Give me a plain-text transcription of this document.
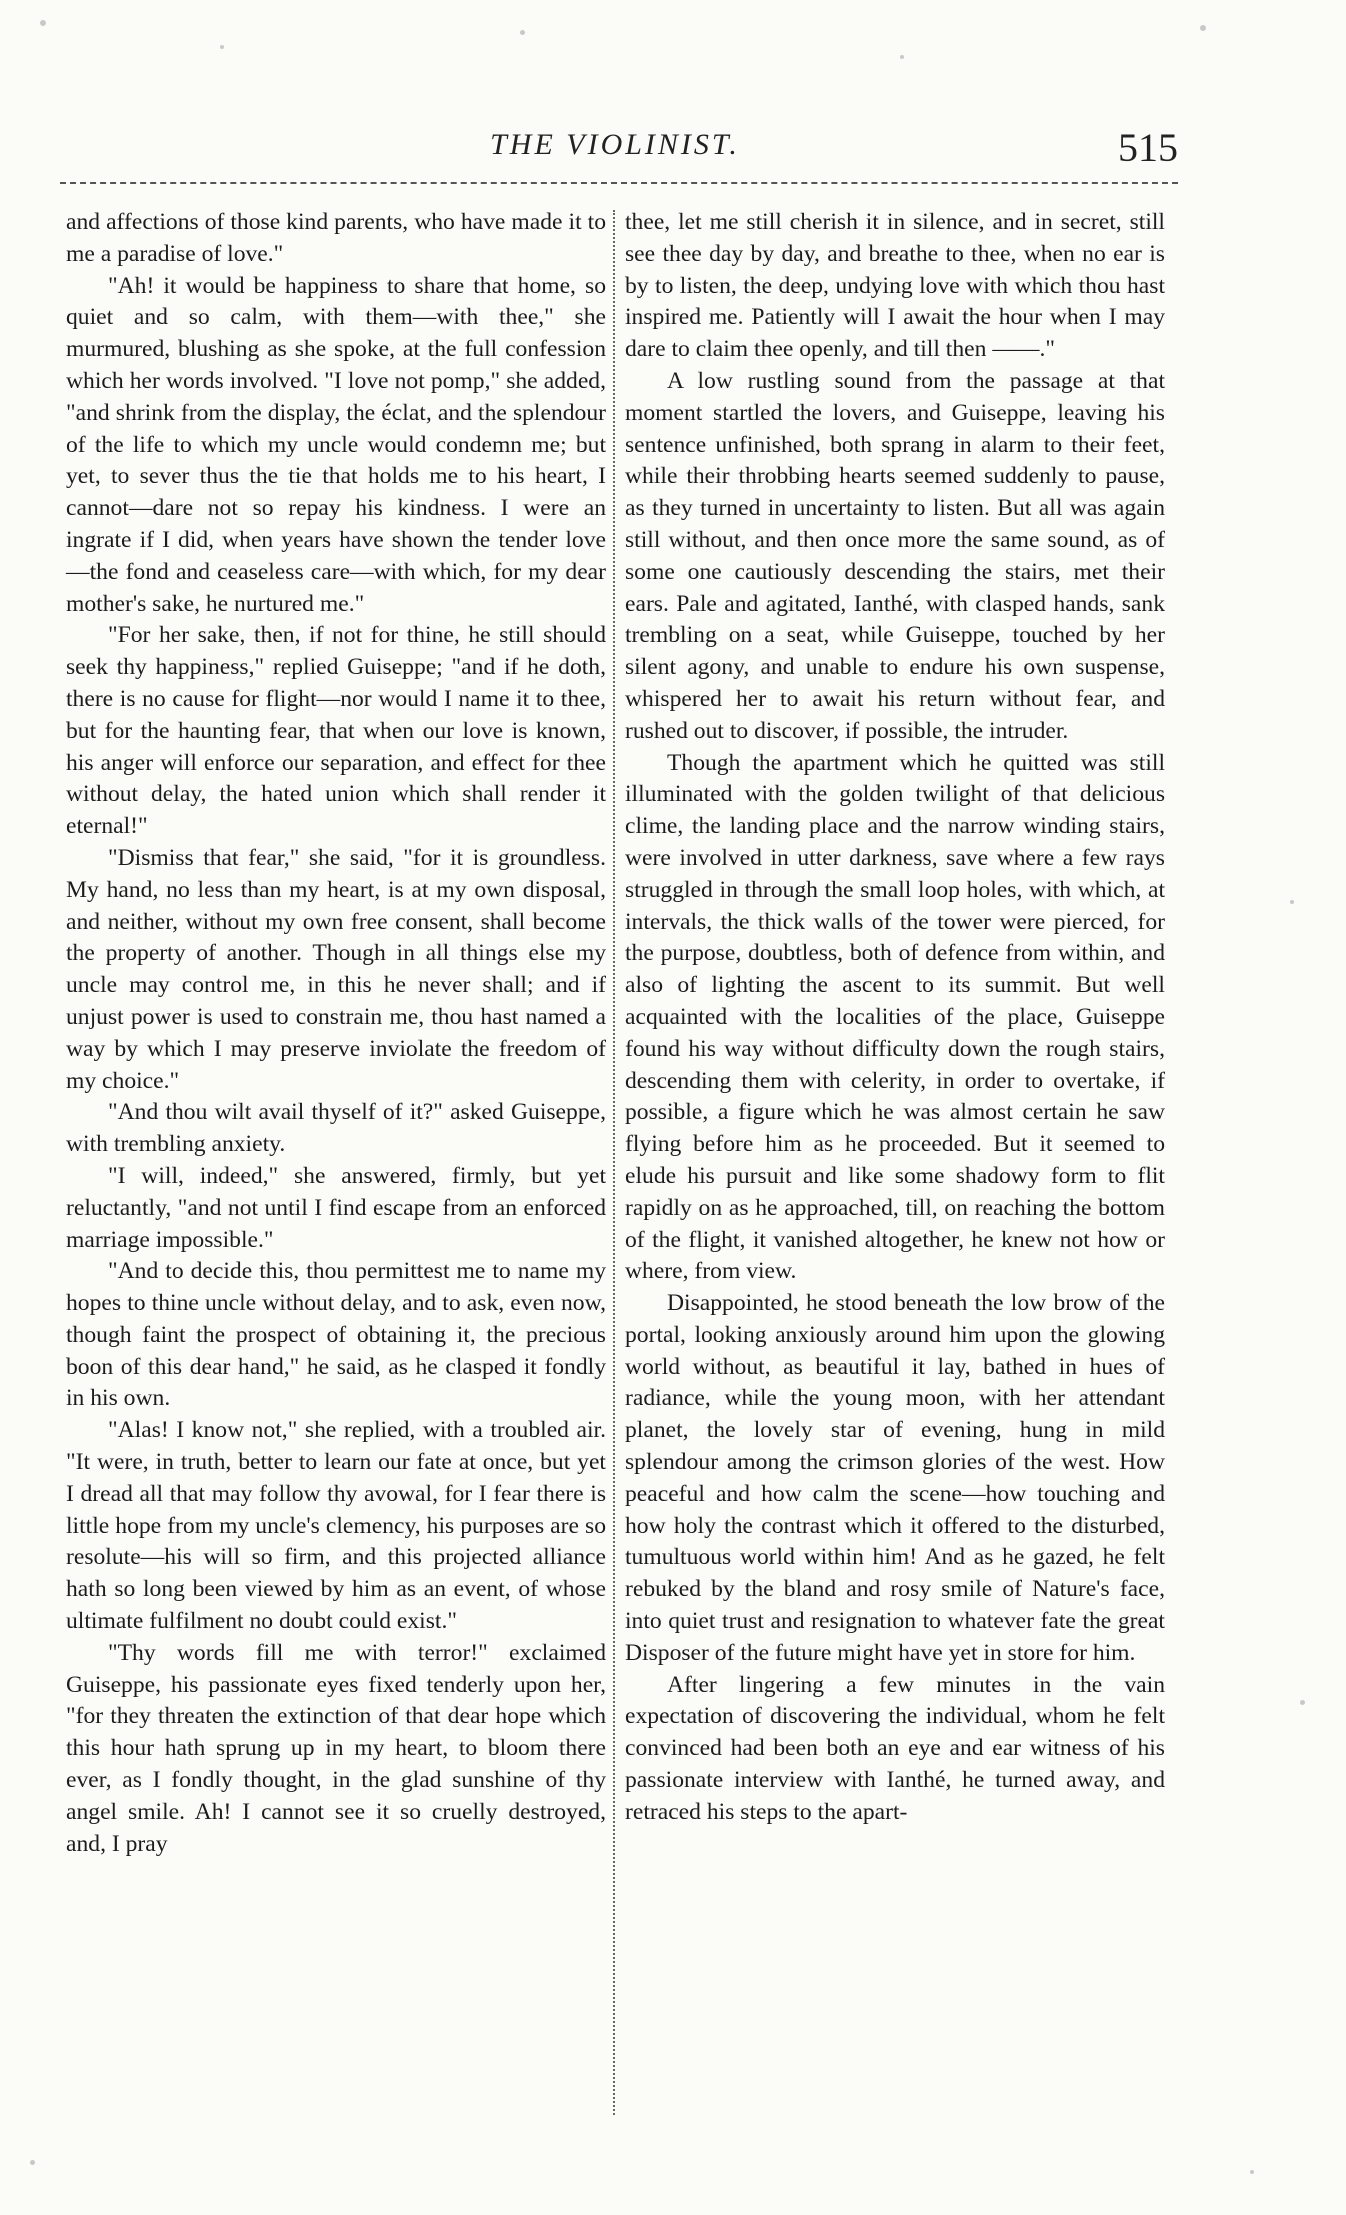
THE VIOLINIST.	515

and affections of those kind parents, who have made it to me a paradise of love."

"Ah! it would be happiness to share that home, so quiet and so calm, with them—with thee," she murmured, blushing as she spoke, at the full confession which her words involved. "I love not pomp," she added, "and shrink from the display, the éclat, and the splendour of the life to which my uncle would condemn me; but yet, to sever thus the tie that holds me to his heart, I cannot—dare not so repay his kindness. I were an ingrate if I did, when years have shown the tender love—the fond and ceaseless care—with which, for my dear mother's sake, he nurtured me."

"For her sake, then, if not for thine, he still should seek thy happiness," replied Guiseppe; "and if he doth, there is no cause for flight—nor would I name it to thee, but for the haunting fear, that when our love is known, his anger will enforce our separation, and effect for thee without delay, the hated union which shall render it eternal!"

"Dismiss that fear," she said, "for it is groundless. My hand, no less than my heart, is at my own disposal, and neither, without my own free consent, shall become the property of another. Though in all things else my uncle may control me, in this he never shall; and if unjust power is used to constrain me, thou hast named a way by which I may preserve inviolate the freedom of my choice."

"And thou wilt avail thyself of it?" asked Guiseppe, with trembling anxiety.

"I will, indeed," she answered, firmly, but yet reluctantly, "and not until I find escape from an enforced marriage impossible."

"And to decide this, thou permittest me to name my hopes to thine uncle without delay, and to ask, even now, though faint the prospect of obtaining it, the precious boon of this dear hand," he said, as he clasped it fondly in his own.

"Alas! I know not," she replied, with a troubled air. "It were, in truth, better to learn our fate at once, but yet I dread all that may follow thy avowal, for I fear there is little hope from my uncle's clemency, his purposes are so resolute—his will so firm, and this projected alliance hath so long been viewed by him as an event, of whose ultimate fulfilment no doubt could exist."

"Thy words fill me with terror!" exclaimed Guiseppe, his passionate eyes fixed tenderly upon her, "for they threaten the extinction of that dear hope which this hour hath sprung up in my heart, to bloom there ever, as I fondly thought, in the glad sunshine of thy angel smile. Ah! I cannot see it so cruelly destroyed, and, I pray

thee, let me still cherish it in silence, and in secret, still see thee day by day, and breathe to thee, when no ear is by to listen, the deep, undying love with which thou hast inspired me. Patiently will I await the hour when I may dare to claim thee openly, and till then ——."

A low rustling sound from the passage at that moment startled the lovers, and Guiseppe, leaving his sentence unfinished, both sprang in alarm to their feet, while their throbbing hearts seemed suddenly to pause, as they turned in uncertainty to listen. But all was again still without, and then once more the same sound, as of some one cautiously descending the stairs, met their ears. Pale and agitated, Ianthé, with clasped hands, sank trembling on a seat, while Guiseppe, touched by her silent agony, and unable to endure his own suspense, whispered her to await his return without fear, and rushed out to discover, if possible, the intruder.

Though the apartment which he quitted was still illuminated with the golden twilight of that delicious clime, the landing place and the narrow winding stairs, were involved in utter darkness, save where a few rays struggled in through the small loop holes, with which, at intervals, the thick walls of the tower were pierced, for the purpose, doubtless, both of defence from within, and also of lighting the ascent to its summit. But well acquainted with the localities of the place, Guiseppe found his way without difficulty down the rough stairs, descending them with celerity, in order to overtake, if possible, a figure which he was almost certain he saw flying before him as he proceeded. But it seemed to elude his pursuit and like some shadowy form to flit rapidly on as he approached, till, on reaching the bottom of the flight, it vanished altogether, he knew not how or where, from view.

Disappointed, he stood beneath the low brow of the portal, looking anxiously around him upon the glowing world without, as beautiful it lay, bathed in hues of radiance, while the young moon, with her attendant planet, the lovely star of evening, hung in mild splendour among the crimson glories of the west. How peaceful and how calm the scene—how touching and how holy the contrast which it offered to the disturbed, tumultuous world within him! And as he gazed, he felt rebuked by the bland and rosy smile of Nature's face, into quiet trust and resignation to whatever fate the great Disposer of the future might have yet in store for him.

After lingering a few minutes in the vain expectation of discovering the individual, whom he felt convinced had been both an eye and ear witness of his passionate interview with Ianthé, he turned away, and retraced his steps to the apart-
